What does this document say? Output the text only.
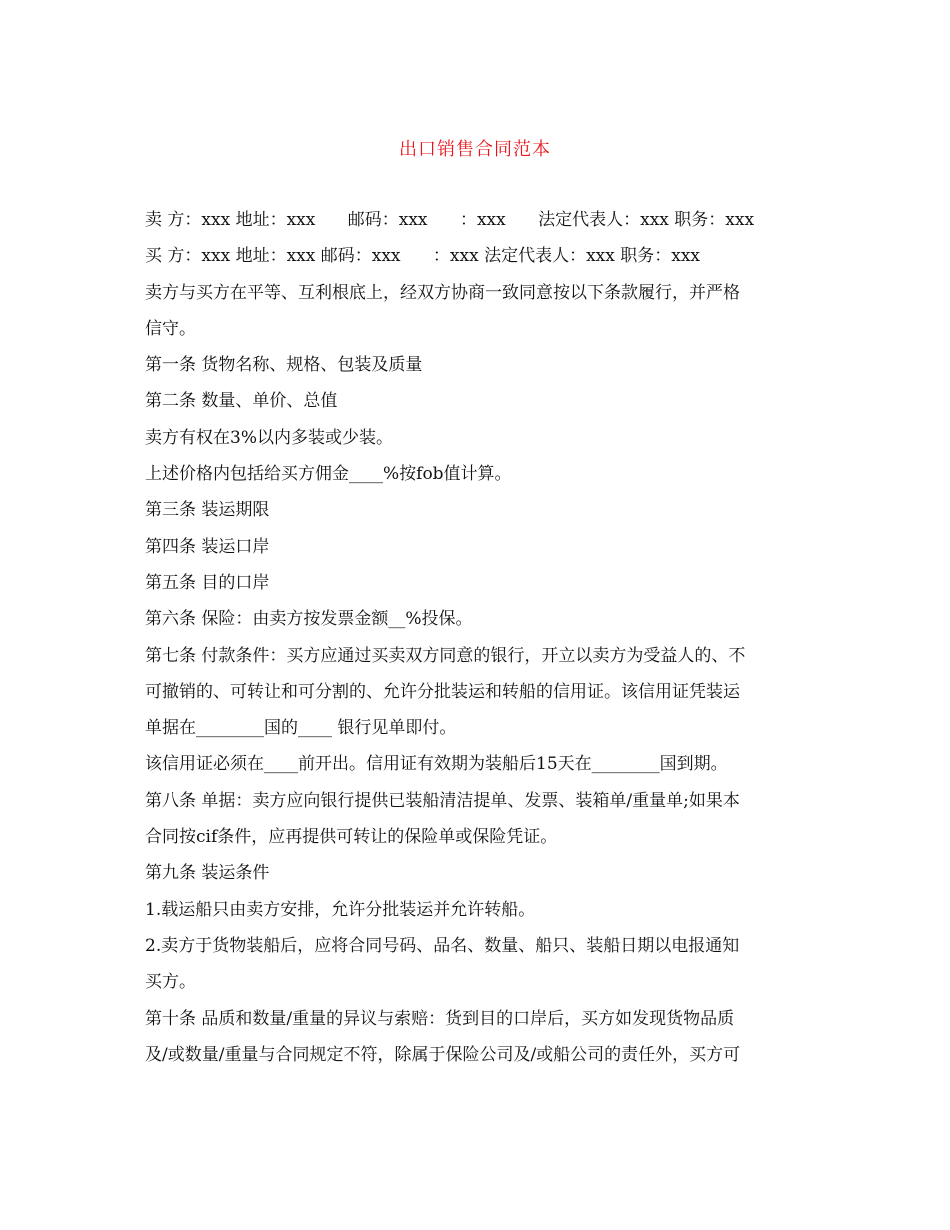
出口销售合同范本

卖 方：xxx 地址：xxx      邮码：xxx      ：xxx      法定代表人：xxx 职务：xxx

买 方：xxx 地址：xxx 邮码：xxx      ：xxx 法定代表人：xxx 职务：xxx

卖方与买方在平等、互利根底上，经双方协商一致同意按以下条款履行，并严格

信守。

第一条 货物名称、规格、包装及质量

第二条 数量、单价、总值

卖方有权在3%以内多装或少装。

上述价格内包括给买方佣金____%按fob值计算。

第三条 装运期限

第四条 装运口岸

第五条 目的口岸

第六条 保险：由卖方按发票金额__%投保。

第七条 付款条件：买方应通过买卖双方同意的银行，开立以卖方为受益人的、不

可撤销的、可转让和可分割的、允许分批装运和转船的信用证。该信用证凭装运

单据在________国的____ 银行见单即付。

该信用证必须在____前开出。信用证有效期为装船后15天在________国到期。

第八条 单据：卖方应向银行提供已装船清洁提单、发票、装箱单/重量单;如果本

合同按cif条件，应再提供可转让的保险单或保险凭证。

第九条 装运条件

1.载运船只由卖方安排，允许分批装运并允许转船。

2.卖方于货物装船后，应将合同号码、品名、数量、船只、装船日期以电报通知

买方。

第十条 品质和数量/重量的异议与索赔：货到目的口岸后，买方如发现货物品质

及/或数量/重量与合同规定不符，除属于保险公司及/或船公司的责任外，买方可
